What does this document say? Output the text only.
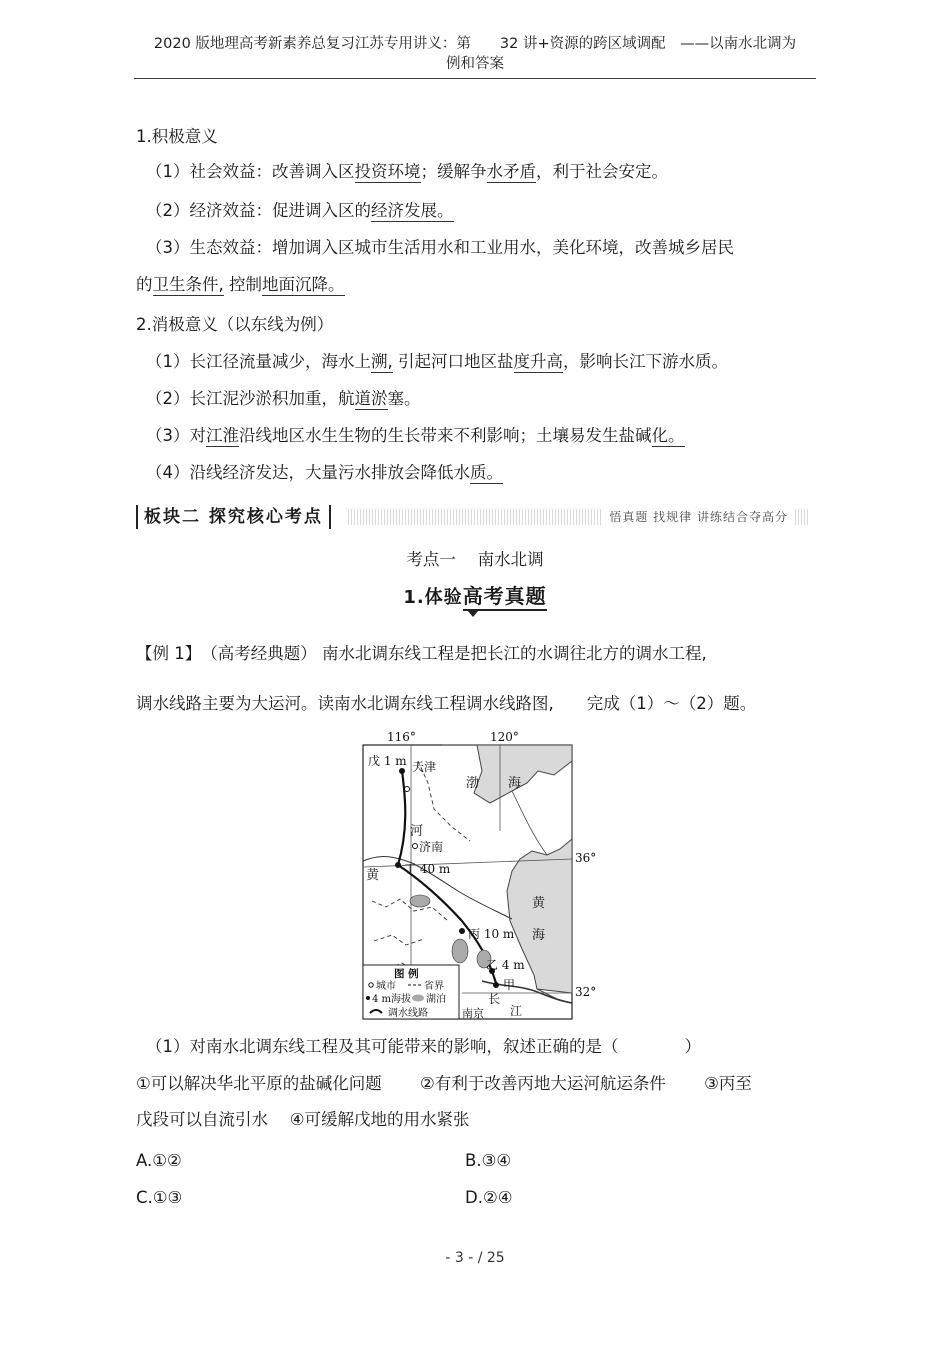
2020 版地理高考新素养总复习江苏专用讲义：第　　32 讲+资源的跨区域调配　——以南水北调为
例和答案
1.积极意义
（1）社会效益：改善调入区投资环境；缓解争水矛盾，利于社会安定。
（2）经济效益：促进调入区的经济发展。
（3）生态效益：增加调入区城市生活用水和工业用水，美化环境，改善城乡居民
的卫生条件, 控制地面沉降。
2.消极意义（以东线为例）
（1）长江径流量减少，海水上溯, 引起河口地区盐度升高，影响长江下游水质。
（2）长江泥沙淤积加重，航道淤塞。
（3）对江淮沿线地区水生生物的生长带来不利影响；土壤易发生盐碱化。
（4）沿线经济发达，大量污水排放会降低水质。
板块二 探究核心考点	悟真题 找规律 讲练结合夺高分
考点一　 南水北调
1.体验高考真题
【例 1】　（高考经典题） 南水北调东线工程是把长江的水调往北方的调水工程,
调水线路主要为大运河。读南水北调东线工程调水线路图,　　完成（1）～（2）题。
116°	120°
36°
32°
戊 1 m 天津
渤 海
河
济南
黄 丁 40 m
丙 10 m
黄
海
乙 4 m
甲
南京
长
江
图 例
城市	省界
4 m海拔 湖泊
调水线路
（1）对南水北调东线工程及其可能带来的影响，叙述正确的是（　　　　）
①可以解决华北平原的盐碱化问题　　 ②有利于改善丙地大运河航运条件　　 ③丙至
戊段可以自流引水　 ④可缓解戊地的用水紧张
A.①②	B.③④
C.①③	D.②④
- 3 - / 25
